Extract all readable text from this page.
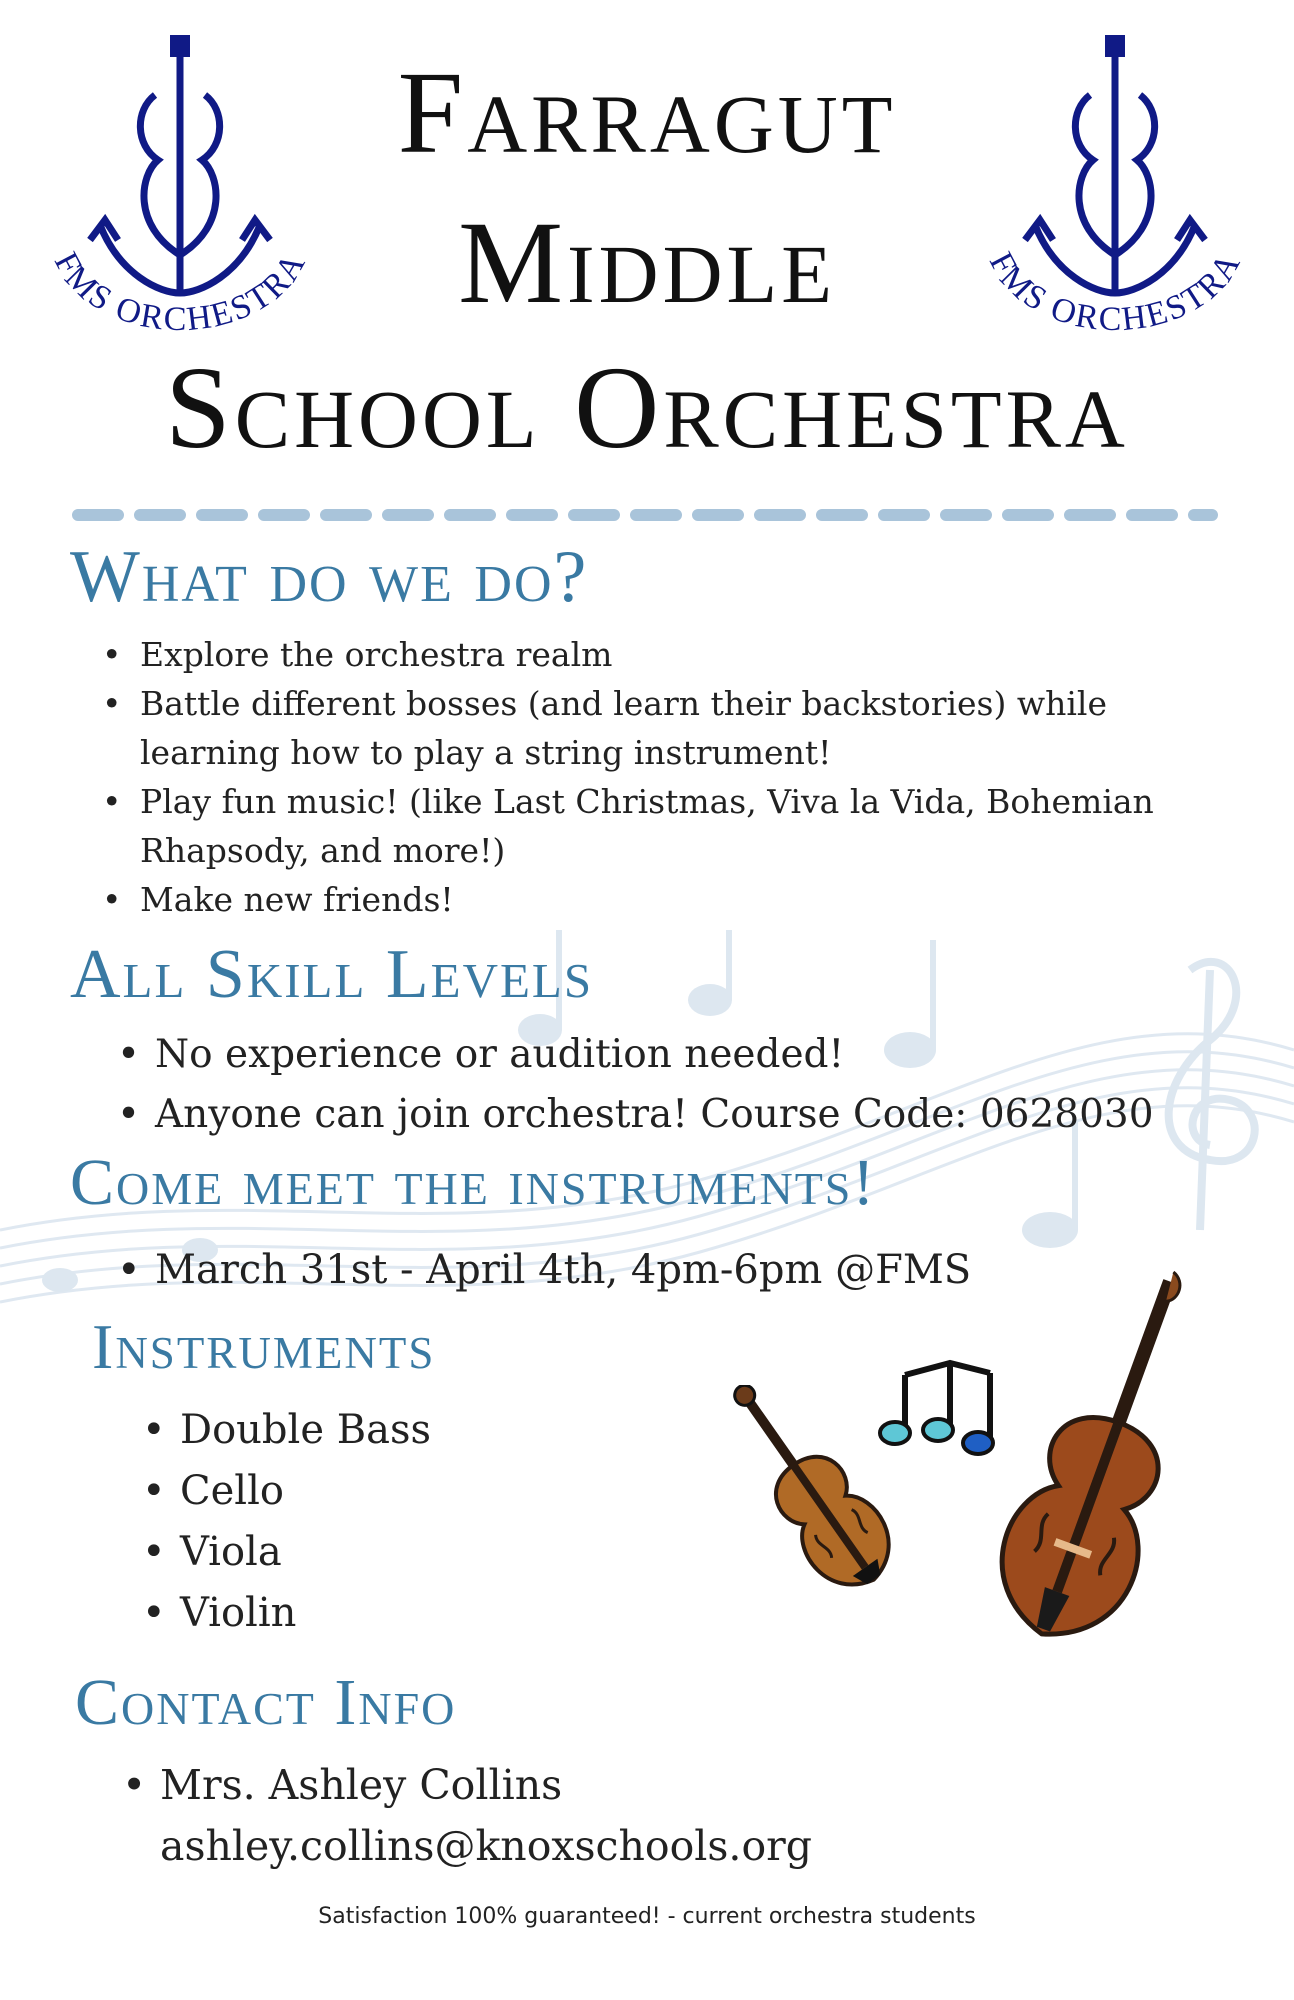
FMS ORCHESTRA	FMS ORCHESTRA
Farragut
Middle
School Orchestra
What do we do?
• Explore the orchestra realm
• Battle different bosses (and learn their backstories) while learning how to play a string instrument!
• Play fun music! (like Last Christmas, Viva la Vida, Bohemian Rhapsody, and more!)
• Make new friends!
All Skill Levels
• No experience or audition needed!
• Anyone can join orchestra! Course Code: 0628030
Come meet the instruments!
• March 31st - April 4th, 4pm-6pm @FMS
Instruments
• Double Bass
• Cello
• Viola
• Violin
Contact Info
• Mrs. Ashley Collins
ashley.collins@knoxschools.org
Satisfaction 100% guaranteed! - current orchestra students
